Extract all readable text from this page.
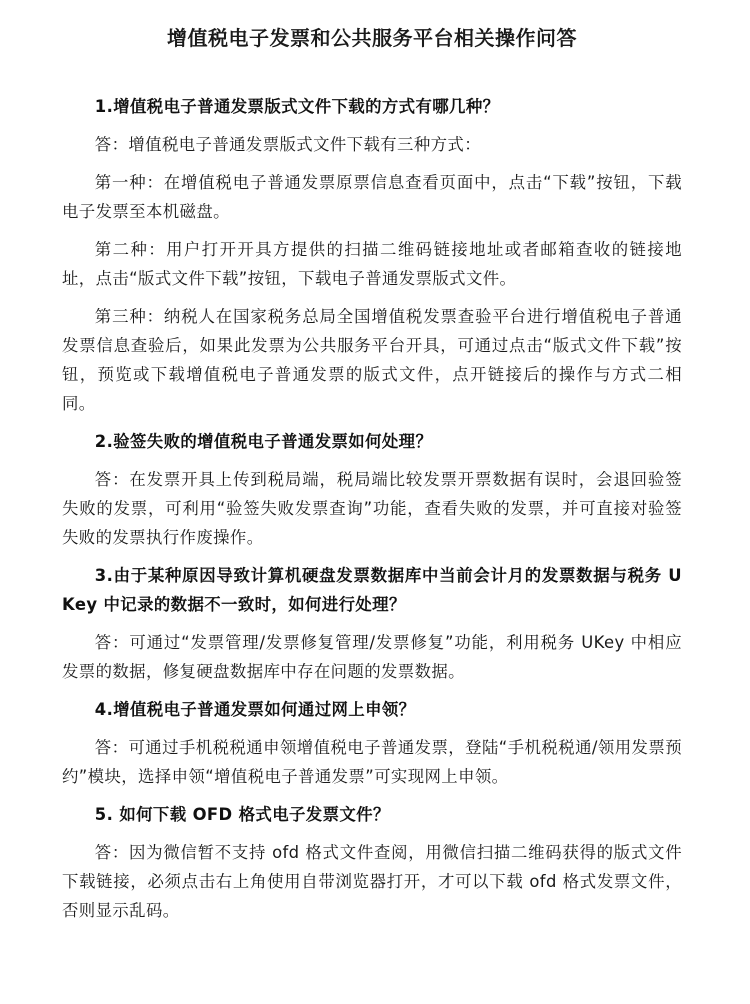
增值税电子发票和公共服务平台相关操作问答

1.增值税电子普通发票版式文件下载的方式有哪几种？

答：增值税电子普通发票版式文件下载有三种方式：

第一种：在增值税电子普通发票原票信息查看页面中，点击“下载”按钮，下载电子发票至本机磁盘。

第二种：用户打开开具方提供的扫描二维码链接地址或者邮箱查收的链接地址，点击“版式文件下载”按钮，下载电子普通发票版式文件。

第三种：纳税人在国家税务总局全国增值税发票查验平台进行增值税电子普通发票信息查验后，如果此发票为公共服务平台开具，可通过点击“版式文件下载”按钮，预览或下载增值税电子普通发票的版式文件，点开链接后的操作与方式二相同。

2.验签失败的增值税电子普通发票如何处理？

答：在发票开具上传到税局端，税局端比较发票开票数据有误时，会退回验签失败的发票，可利用“验签失败发票查询”功能，查看失败的发票，并可直接对验签失败的发票执行作废操作。

3.由于某种原因导致计算机硬盘发票数据库中当前会计月的发票数据与税务 UKey 中记录的数据不一致时，如何进行处理？

答：可通过“发票管理/发票修复管理/发票修复”功能，利用税务 UKey 中相应发票的数据，修复硬盘数据库中存在问题的发票数据。

4.增值税电子普通发票如何通过网上申领？

答：可通过手机税税通申领增值税电子普通发票，登陆“手机税税通/领用发票预约”模块，选择申领“增值税电子普通发票”可实现网上申领。

5. 如何下载 OFD 格式电子发票文件？

答：因为微信暂不支持 ofd 格式文件查阅，用微信扫描二维码获得的版式文件下载链接，必须点击右上角使用自带浏览器打开，才可以下载 ofd 格式发票文件，否则显示乱码。
